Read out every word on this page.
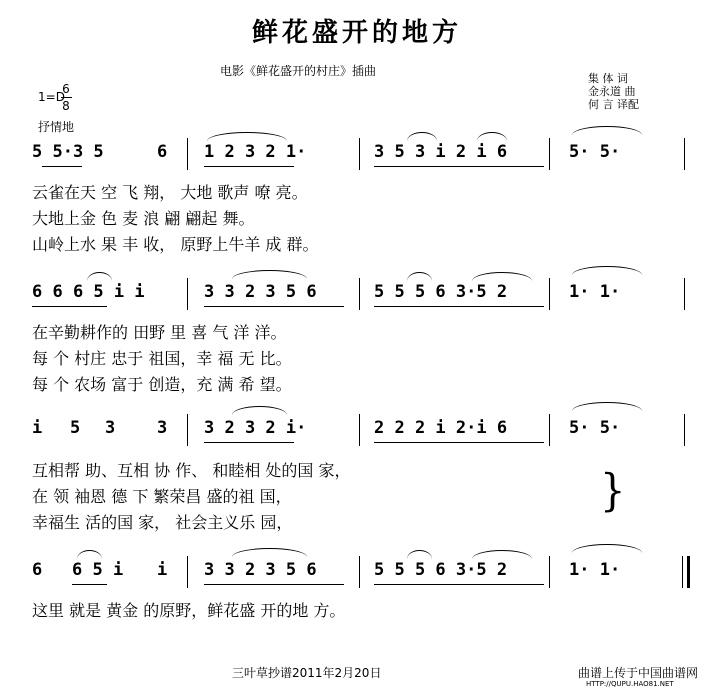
鲜花盛开的地方
电影《鲜花盛开的村庄》插曲
1=D
6
8
抒情地
集 体 词
金永道 曲
何 言 译配
5 5·3 5	6 1 2 3 2 1·	3 5 3 i 2 i 6	5· 5·
云雀在天 空 飞 翔， 大地 歌声 嘹 亮。
大地上金 色 麦 浪 翩 翩起 舞。
山岭上水 果 丰 收， 原野上牛羊 成 群。
6 6 6 5 i i	3 3 2 3 5 6	5 5 5 6 3·5 2	1· 1·
在辛勤耕作的 田野 里 喜 气 洋 洋。
每 个 村庄 忠于 祖国，幸 福 无 比。
每 个 农场 富于 创造，充 满 希 望。
i 5 3 3 3 2 3 2 i·	2 2 2 i 2·i 6	5· 5·
互相帮 助、互相 协 作、 和睦相 处的国 家，
在 领 袖恩 德 下 繁荣昌 盛的祖 国，
幸福生 活的国 家， 社会主义乐 园，
}
6 6 5 i i 3 3 2 3 5 6	5 5 5 6 3·5 2	1· 1·
这里 就是 黄金 的原野，鲜花盛 开的地 方。
三叶草抄谱2011年2月20日	曲谱上传于中国曲谱网
HTTP://QUPU.HAO81.NET
